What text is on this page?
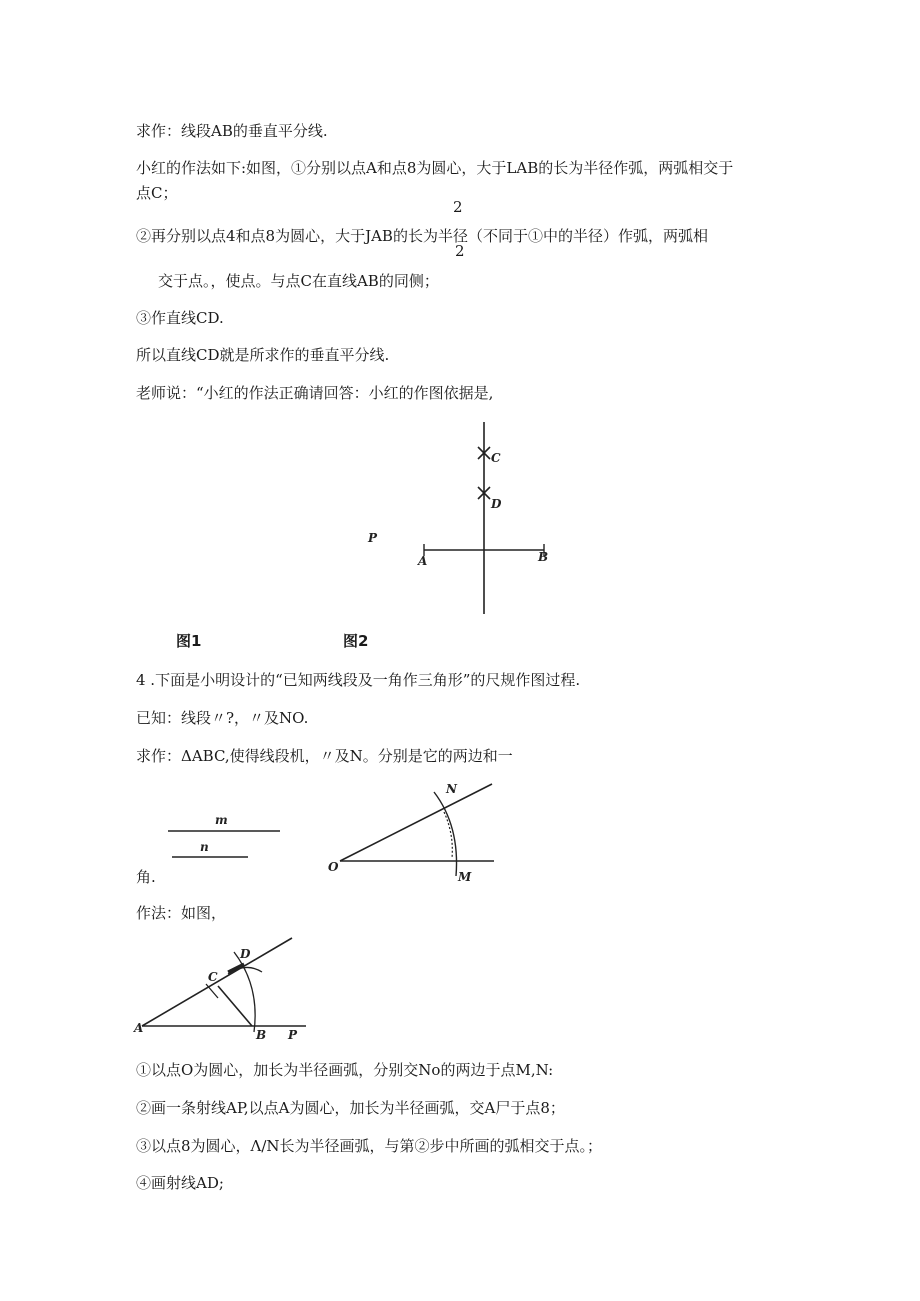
求作：线段AB的垂直平分线.
小红的作法如下:如图，①分别以点A和点8为圆心，大于LAB的长为半径作弧，两弧相交于
点C；
2
②再分别以点4和点8为圆心，大于JAB的长为半径（不同于①中的半径）作弧，两弧相
2
交于点。，使点。与点C在直线AB的同侧；
③作直线CD.
所以直线CD就是所求作的垂直平分线.
老师说：“小红的作法正确请回答：小红的作图依据是,
C
D
A	B
P
图1	图2
4 .下面是小明设计的“已知两线段及一角作三角形”的尺规作图过程.
已知：线段〃?，〃及NO.
求作：ΔABC,使得线段机，〃及N。分别是它的两边和一
m
n
N
O
M
角.
作法：如图，
D
C
A	B P
①以点O为圆心，加长为半径画弧，分别交No的两边于点M,N:
②画一条射线AP,以点A为圆心，加长为半径画弧，交A尸于点8；
③以点8为圆心，Λ∕N长为半径画弧，与第②步中所画的弧相交于点。；
④画射线AD;
